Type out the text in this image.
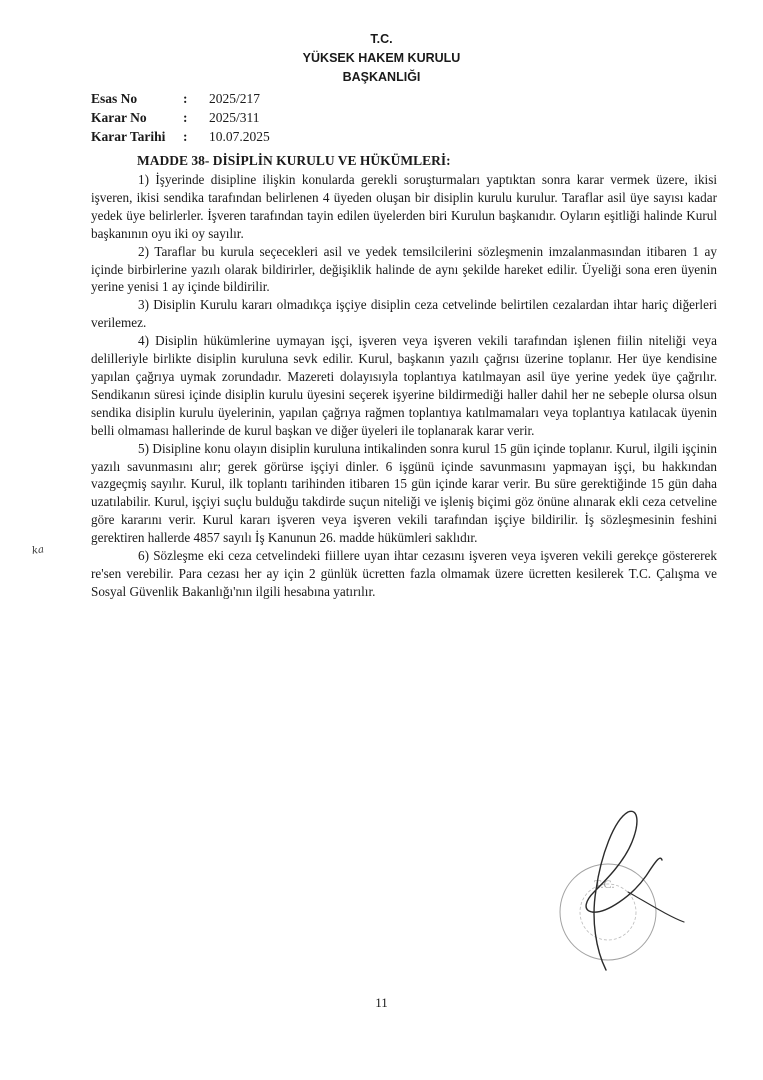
T.C.
YÜKSEK HAKEM KURULU
BAŞKANLIĞI
Esas No	:	2025/217
Karar No	:	2025/311
Karar Tarihi	:	10.07.2025
MADDE 38- DİSİPLİN KURULU VE HÜKÜMLERİ:

1) İşyerinde disipline ilişkin konularda gerekli soruşturmaları yaptıktan sonra karar vermek üzere, ikisi işveren, ikisi sendika tarafından belirlenen 4 üyeden oluşan bir disiplin kurulu kurulur. Taraflar asil üye sayısı kadar yedek üye belirlerler. İşveren tarafından tayin edilen üyelerden biri Kurulun başkanıdır. Oyların eşitliği halinde Kurul başkanının oyu iki oy sayılır.

2) Taraflar bu kurula seçecekleri asil ve yedek temsilcilerini sözleşmenin imzalanmasından itibaren 1 ay içinde birbirlerine yazılı olarak bildirirler, değişiklik halinde de aynı şekilde hareket edilir. Üyeliği sona eren üyenin yerine yenisi 1 ay içinde bildirilir.

3) Disiplin Kurulu kararı olmadıkça işçiye disiplin ceza cetvelinde belirtilen cezalardan ihtar hariç diğerleri verilemez.

4) Disiplin hükümlerine uymayan işçi, işveren veya işveren vekili tarafından işlenen fiilin niteliği veya delilleriyle birlikte disiplin kuruluna sevk edilir. Kurul, başkanın yazılı çağrısı üzerine toplanır. Her üye kendisine yapılan çağrıya uymak zorundadır. Mazereti dolayısıyla toplantıya katılmayan asil üye yerine yedek üye çağrılır. Sendikanın süresi içinde disiplin kurulu üyesini seçerek işyerine bildirmediği haller dahil her ne sebeple olursa olsun sendika disiplin kurulu üyelerinin, yapılan çağrıya rağmen toplantıya katılmamaları veya toplantıya katılacak üyenin belli olmaması hallerinde de kurul başkan ve diğer üyeleri ile toplanarak karar verir.

5) Disipline konu olayın disiplin kuruluna intikalinden sonra kurul 15 gün içinde toplanır. Kurul, ilgili işçinin yazılı savunmasını alır; gerek görürse işçiyi dinler. 6 işgünü içinde savunmasını yapmayan işçi, bu hakkından vazgeçmiş sayılır. Kurul, ilk toplantı tarihinden itibaren 15 gün içinde karar verir. Bu süre gerektiğinde 15 gün daha uzatılabilir. Kurul, işçiyi suçlu bulduğu takdirde suçun niteliği ve işleniş biçimi göz önüne alınarak ekli ceza cetveline göre kararını verir. Kurul kararı işveren veya işveren vekili tarafından işçiye bildirilir. İş sözleşmesinin feshini gerektiren hallerde 4857 sayılı İş Kanunun 26. madde hükümleri saklıdır.

6) Sözleşme eki ceza cetvelindeki fiillere uyan ihtar cezasını işveren veya işveren vekili gerekçe göstererek re'sen verebilir. Para cezası her ay için 2 günlük ücretten fazla olmamak üzere ücretten kesilerek T.C. Çalışma ve Sosyal Güvenlik Bakanlığı'nın ilgili hesabına yatırılır.

ka
T.C.
11
